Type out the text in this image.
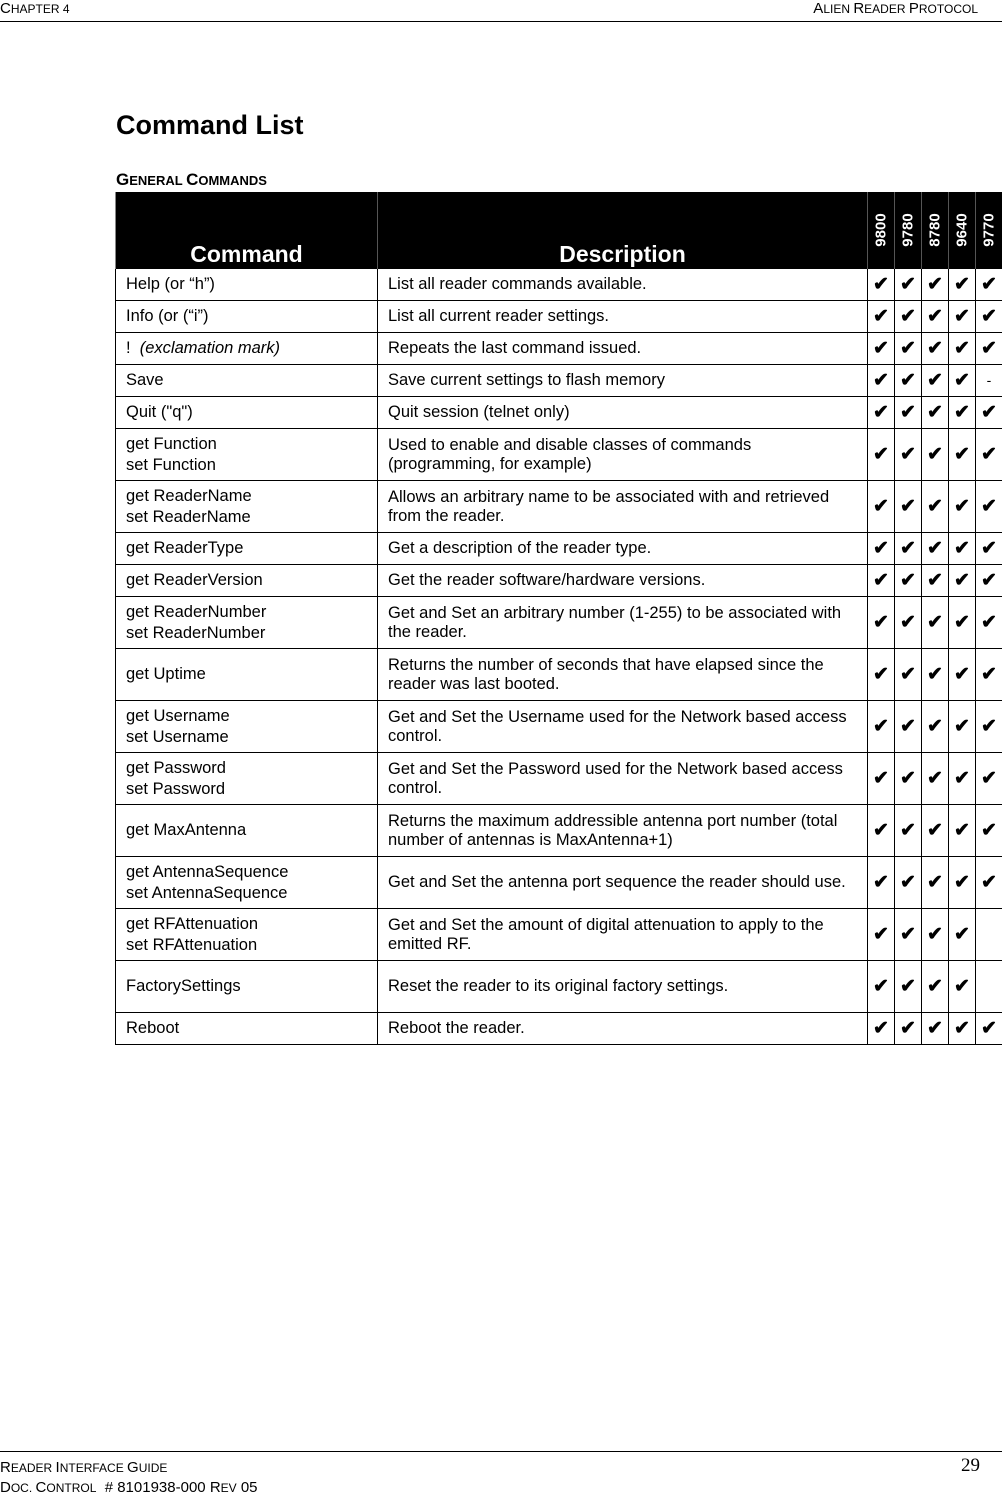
CHAPTER 4	ALIEN READER PROTOCOL
Command List
GENERAL COMMANDS
Command	Description	9800	9780	8780	9640	9770

Help (or “h”)	List all reader commands available.	✔	✔	✔	✔	✔

Info (or (“i”)	List all current reader settings.	✔	✔	✔	✔	✔
!  (exclamation mark)	Repeats the last command issued.	✔	✔	✔	✔	✔

Save	Save current settings to flash memory	✔	✔	✔	✔	-

Quit ("q")	Quit session (telnet only)	✔	✔	✔	✔	✔

get Function
set Function	Used to enable and disable classes of commands (programming, for example)	✔	✔	✔	✔	✔

get ReaderName
set ReaderName	Allows an arbitrary name to be associated with and retrieved from the reader.	✔	✔	✔	✔	✔

get ReaderType	Get a description of the reader type.	✔	✔	✔	✔	✔

get ReaderVersion	Get the reader software/hardware versions.	✔	✔	✔	✔	✔

get ReaderNumber
set ReaderNumber	Get and Set an arbitrary number (1-255) to be associated with the reader.	✔	✔	✔	✔	✔

get Uptime	Returns the number of seconds that have elapsed since the reader was last booted.	✔	✔	✔	✔	✔

get Username
set Username	Get and Set the Username used for the Network based access control.	✔	✔	✔	✔	✔

get Password
set Password	Get and Set the Password used for the Network based access control.	✔	✔	✔	✔	✔

get MaxAntenna	Returns the maximum addressible antenna port number (total number of antennas is MaxAntenna+1)	✔	✔	✔	✔	✔

get AntennaSequence
set AntennaSequence	Get and Set the antenna port sequence the reader should use.	✔	✔	✔	✔	✔

get RFAttenuation
set RFAttenuation	Get and Set the amount of digital attenuation to apply to the emitted RF.	✔	✔	✔	✔	

FactorySettings	Reset the reader to its original factory settings.	✔	✔	✔	✔	

Reboot	Reboot the reader.	✔	✔	✔	✔	✔
READER INTERFACE GUIDE
DOC. CONTROL  # 8101938-000 REV 05
29
